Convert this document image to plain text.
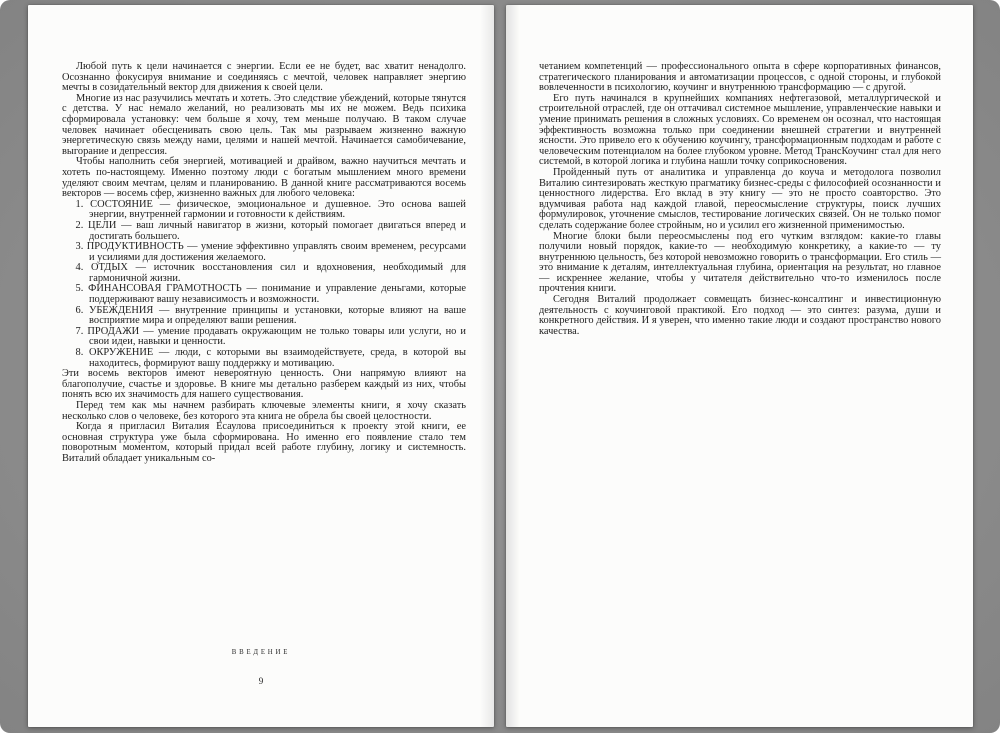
Любой путь к цели начинается с энергии. Если ее не будет, вас хватит ненадолго. Осознанно фокусируя внимание и соединяясь с мечтой, человек направляет энергию мечты в созидательный вектор для движения к своей цели.

Многие из нас разучились мечтать и хотеть. Это следствие убеждений, которые тянутся с детства. У нас немало желаний, но реализовать мы их не можем. Ведь психика сформировала установку: чем больше я хочу, тем меньше получаю. В таком случае человек начинает обесценивать свою цель. Так мы разрываем жизненно важную энергетическую связь между нами, целями и нашей мечтой. Начинается самобичевание, выгорание и депрессия.

Чтобы наполнить себя энергией, мотивацией и драйвом, важно научиться мечтать и хотеть по-настоящему. Именно поэтому люди с богатым мышлением много времени уделяют своим мечтам, целям и планированию. В данной книге рассматриваются восемь векторов — восемь сфер, жизненно важных для любого человека:

1. СОСТОЯНИЕ — физическое, эмоциональное и душевное. Это основа вашей энергии, внутренней гармонии и готовности к действиям.
2. ЦЕЛИ — ваш личный навигатор в жизни, который помогает двигаться вперед и достигать большего.
3. ПРОДУКТИВНОСТЬ — умение эффективно управлять своим временем, ресурсами и усилиями для достижения желаемого.
4. ОТДЫХ — источник восстановления сил и вдохновения, необходимый для гармоничной жизни.
5. ФИНАНСОВАЯ ГРАМОТНОСТЬ — понимание и управление деньгами, которые поддерживают вашу независимость и возможности.
6. УБЕЖДЕНИЯ — внутренние принципы и установки, которые влияют на ваше восприятие мира и определяют ваши решения.
7. ПРОДАЖИ — умение продавать окружающим не только товары или услуги, но и свои идеи, навыки и ценности.
8. ОКРУЖЕНИЕ — люди, с которыми вы взаимодействуете, среда, в которой вы находитесь, формируют вашу поддержку и мотивацию.

Эти восемь векторов имеют невероятную ценность. Они напрямую влияют на благополучие, счастье и здоровье. В книге мы детально разберем каждый из них, чтобы понять всю их значимость для нашего существования.

Перед тем как мы начнем разбирать ключевые элементы книги, я хочу сказать несколько слов о человеке, без которого эта книга не обрела бы своей целостности.

Когда я пригласил Виталия Есаулова присоединиться к проекту этой книги, ее основная структура уже была сформирована. Но именно его появление стало тем поворотным моментом, который придал всей работе глубину, логику и системность. Виталий обладает уникальным со-

ВВЕДЕНИЕ
9

четанием компетенций — профессионального опыта в сфере корпоративных финансов, стратегического планирования и автоматизации процессов, с одной стороны, и глубокой вовлеченности в психологию, коучинг и внутреннюю трансформацию — с другой.

Его путь начинался в крупнейших компаниях нефтегазовой, металлургической и строительной отраслей, где он оттачивал системное мышление, управленческие навыки и умение принимать решения в сложных условиях. Со временем он осознал, что настоящая эффективность возможна только при соединении внешней стратегии и внутренней ясности. Это привело его к обучению коучингу, трансформационным подходам и работе с человеческим потенциалом на более глубоком уровне. Метод ТрансКоучинг стал для него системой, в которой логика и глубина нашли точку соприкосновения.

Пройденный путь от аналитика и управленца до коуча и методолога позволил Виталию синтезировать жесткую прагматику бизнес-среды с философией осознанности и ценностного лидерства. Его вклад в эту книгу — это не просто соавторство. Это вдумчивая работа над каждой главой, переосмысление структуры, поиск лучших формулировок, уточнение смыслов, тестирование логических связей. Он не только помог сделать содержание более стройным, но и усилил его жизненной применимостью.

Многие блоки были переосмыслены под его чутким взглядом: какие-то главы получили новый порядок, какие-то — необходимую конкретику, а какие-то — ту внутреннюю цельность, без которой невозможно говорить о трансформации. Его стиль — это внимание к деталям, интеллектуальная глубина, ориентация на результат, но главное — искреннее желание, чтобы у читателя действительно что-то изменилось после прочтения книги.

Сегодня Виталий продолжает совмещать бизнес-консалтинг и инвестиционную деятельность с коучинговой практикой. Его подход — это синтез: разума, души и конкретного действия. И я уверен, что именно такие люди и создают пространство нового качества.
